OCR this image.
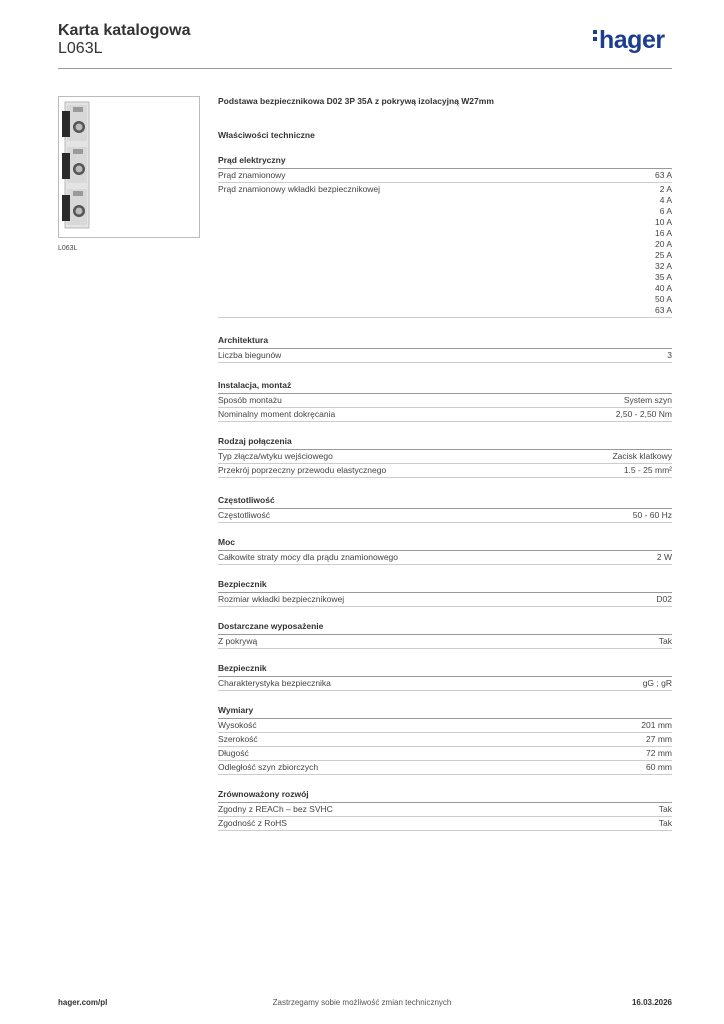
Karta katalogowa
L063L	hager
L063L
Podstawa bezpiecznikowa D02 3P 35A z pokrywą izolacyjną W27mm
Właściwości techniczne
Prąd elektryczny
Prąd znamionowy	63 A
Prąd znamionowy wkładki bezpiecznikowej	2 A
4 A
6 A
10 A
16 A
20 A
25 A
32 A
35 A
40 A
50 A
63 A
Architektura
Liczba biegunów	3
Instalacja, montaż
Sposób montażu	System szyn
Nominalny moment dokręcania	2,50 - 2,50 Nm
Rodzaj połączenia
Typ złącza/wtyku wejściowego	Zacisk klatkowy
Przekrój poprzeczny przewodu elastycznego	1.5 - 25 mm²
Częstotliwość
Częstotliwość	50 - 60 Hz
Moc
Całkowite straty mocy dla prądu znamionowego	2 W
Bezpiecznik
Rozmiar wkładki bezpiecznikowej	D02
Dostarczane wyposażenie
Z pokrywą	Tak
Bezpiecznik
Charakterystyka bezpiecznika	gG ; gR
Wymiary
Wysokość	201 mm
Szerokość	27 mm
Długość	72 mm
Odległość szyn zbiorczych	60 mm
Zrównoważony rozwój
Zgodny z REACh – bez SVHC	Tak
Zgodność z RoHS	Tak
hager.com/pl	Zastrzegamy sobie możliwość zmian technicznych	16.03.2026
